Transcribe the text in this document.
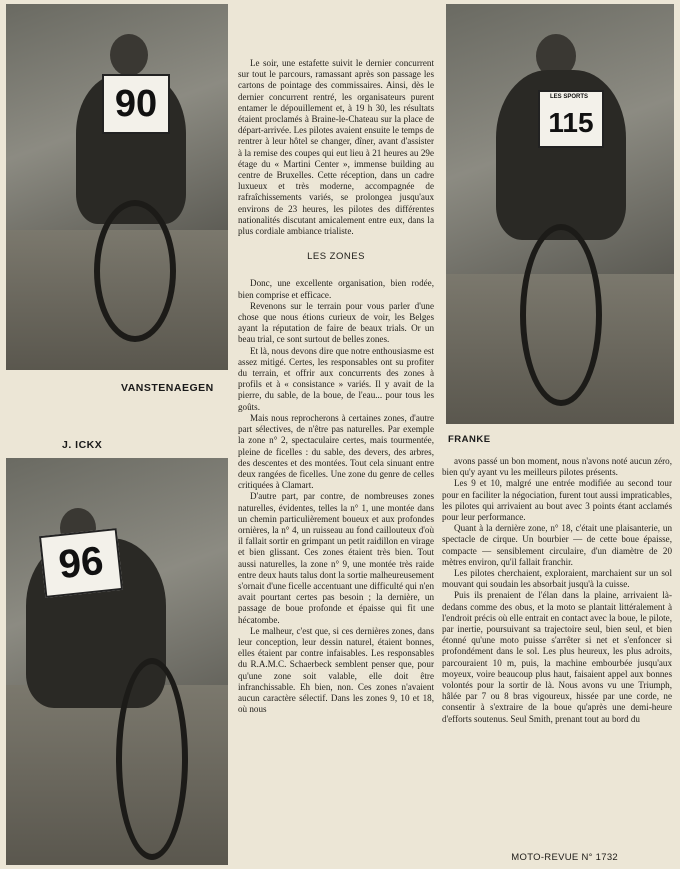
90
VANSTENAEGEN
J. ICKX
96
115
LES SPORTS
FRANKE

Le soir, une estafette suivit le dernier concurrent sur tout le parcours, ramassant après son passage les cartons de pointage des commissaires. Ainsi, dès le dernier concurrent rentré, les organisateurs purent entamer le dépouillement et, à 19 h 30, les résultats étaient proclamés à Braine-le-Chateau sur la place de départ-arrivée. Les pilotes avaient ensuite le temps de rentrer à leur hôtel se changer, dîner, avant d'assister à la remise des coupes qui eut lieu à 21 heures au 29e étage du « Martini Center », immense building au centre de Bruxelles. Cette réception, dans un cadre luxueux et très moderne, accompagnée de rafraîchissements variés, se prolongea jusqu'aux environs de 23 heures, les pilotes des différentes nationalités discutant amicalement entre eux, dans la plus cordiale ambiance trialiste.

LES ZONES

Donc, une excellente organisation, bien rodée, bien comprise et efficace.

Revenons sur le terrain pour vous parler d'une chose que nous étions curieux de voir, les Belges ayant la réputation de faire de beaux trials. Or un beau trial, ce sont surtout de belles zones.

Et là, nous devons dire que notre enthousiasme est assez mitigé. Certes, les responsables ont su profiter du terrain, et offrir aux concurrents des zones à profils et à « consistance » variés. Il y avait de la pierre, du sable, de la boue, de l'eau... pour tous les goûts.

Mais nous reprocherons à certaines zones, d'autre part sélectives, de n'être pas naturelles. Par exemple la zone n° 2, spectaculaire certes, mais tourmentée, pleine de ficelles : du sable, des devers, des arbres, des descentes et des montées. Tout cela sinuant entre deux rangées de ficelles. Une zone du genre de celles critiquées à Clamart.

D'autre part, par contre, de nombreuses zones naturelles, évidentes, telles la n° 1, une montée dans un chemin particulièrement boueux et aux profondes ornières, la n° 4, un ruisseau au fond caillouteux d'où il fallait sortir en grimpant un petit raidillon en virage et bien glissant. Ces zones étaient très bien. Tout aussi naturelles, la zone n° 9, une montée très raide entre deux hauts talus dont la sortie malheureusement s'ornait d'une ficelle accentuant une difficulté qui n'en avait pourtant certes pas besoin ; la dernière, un passage de boue profonde et épaisse qui fit une hécatombe.

Le malheur, c'est que, si ces dernières zones, dans leur conception, leur dessin naturel, étaient bonnes, elles étaient par contre infaisables. Les responsables du R.A.M.C. Schaerbeck semblent penser que, pour qu'une zone soit valable, elle doit être infranchissable. Eh bien, non. Ces zones n'avaient aucun caractère sélectif. Dans les zones 9, 10 et 18, où nous

avons passé un bon moment, nous n'avons noté aucun zéro, bien qu'y ayant vu les meilleurs pilotes présents.

Les 9 et 10, malgré une entrée modifiée au second tour pour en faciliter la négociation, furent tout aussi impraticables, les pilotes qui arrivaient au bout avec 3 points étant acclamés pour leur performance.

Quant à la dernière zone, n° 18, c'était une plaisanterie, un spectacle de cirque. Un bourbier — de cette boue épaisse, compacte — sensiblement circulaire, d'un diamètre de 20 mètres environ, qu'il fallait franchir.

Les pilotes cherchaient, exploraient, marchaient sur un sol mouvant qui soudain les absorbait jusqu'à la cuisse.

Puis ils prenaient de l'élan dans la plaine, arrivaient là-dedans comme des obus, et la moto se plantait littéralement à l'endroit précis où elle entrait en contact avec la boue, le pilote, par inertie, poursuivant sa trajectoire seul, bien seul, et bien étonné qu'une moto puisse s'arrêter si net et s'enfoncer si profondément dans le sol. Les plus heureux, les plus adroits, parcouraient 10 m, puis, la machine embourbée jusqu'aux moyeux, voire beaucoup plus haut, faisaient appel aux bonnes volontés pour la sortir de là. Nous avons vu une Triumph, hâlée par 7 ou 8 bras vigoureux, hissée par une corde, ne consentir à s'extraire de la boue qu'après une demi-heure d'efforts soutenus. Seul Smith, prenant tout au bord du

MOTO-REVUE N° 1732
